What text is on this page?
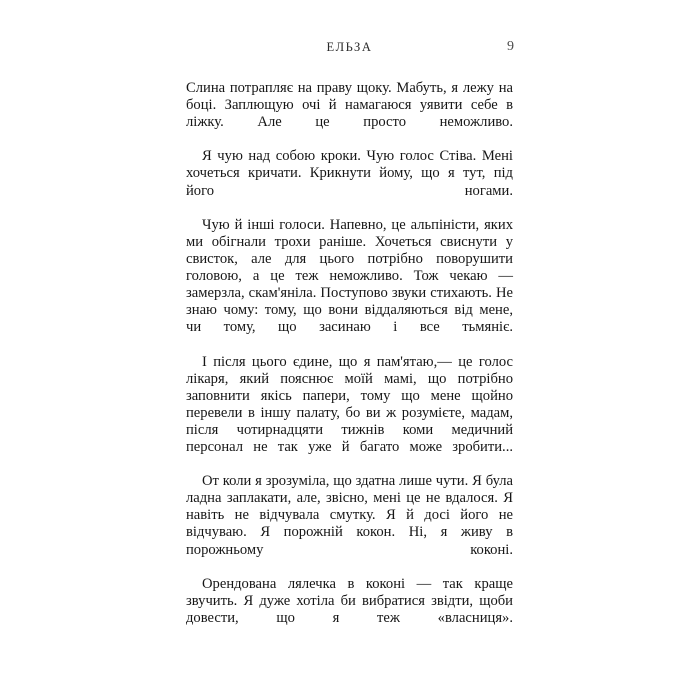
ЕЛЬЗА	9

Слина потрапляє на праву щоку. Мабуть, я лежу на боці. Заплющую очі й намагаюся уявити себе в ліжку. Але це просто неможливо.

Я чую над собою кроки. Чую голос Стіва. Мені хочеться кричати. Крикнути йому, що я тут, під його ногами.

Чую й інші голоси. Напевно, це альпіністи, яких ми обігнали трохи раніше. Хочеться свиснути у свисток, але для цього потрібно поворушити головою, а це теж неможливо. Тож чекаю — замерзла, скам'яніла. Поступово звуки стихають. Не знаю чому: тому, що вони віддаляються від мене, чи тому, що засинаю і все тьмяніє.

І після цього єдине, що я пам'ятаю,— це голос лікаря, який пояснює моїй мамі, що потрібно заповнити якісь папери, тому що мене щойно перевели в іншу палату, бо ви ж розумієте, мадам, після чотирнадцяти тижнів коми медичний персонал не так уже й багато може зробити...

От коли я зрозуміла, що здатна лише чути. Я була ладна заплакати, але, звісно, мені це не вдалося. Я навіть не відчувала смутку. Я й досі його не відчуваю. Я порожній кокон. Ні, я живу в порожньому коконі.

Орендована лялечка в коконі — так краще звучить. Я дуже хотіла би вибратися звідти, щоби довести, що я теж «власниця».
